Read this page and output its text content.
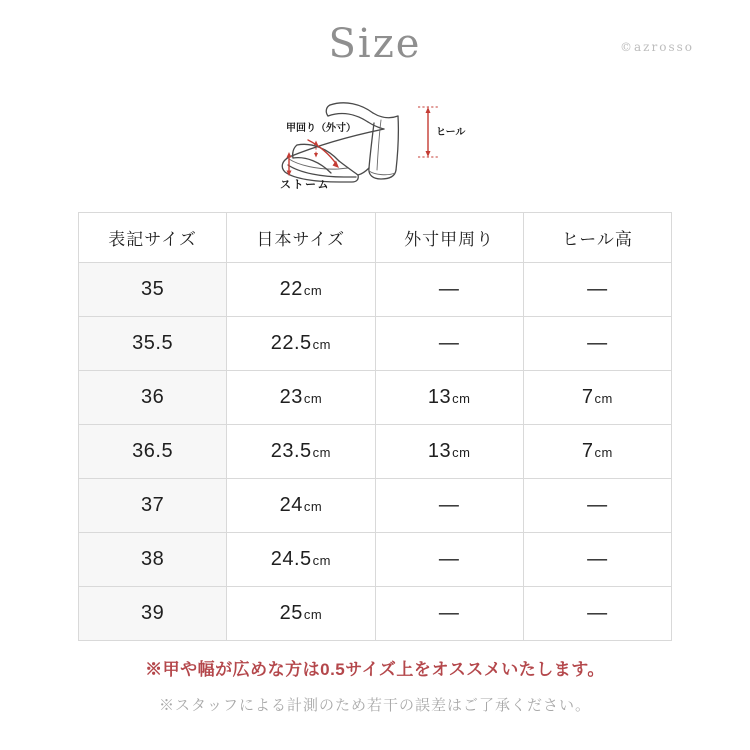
Size	©azrosso
甲回り（外寸）	ヒール
ストーム
表記サイズ	日本サイズ	外寸甲周り	ヒール高
35	22cm	—	—
35.5	22.5cm	—	—
36	23cm	13cm	7cm
36.5	23.5cm	13cm	7cm
37	24cm	—	—
38	24.5cm	—	—
39	25cm	—	—
※甲や幅が広めな方は0.5サイズ上をオススメいたします。
※スタッフによる計測のため若干の誤差はご了承ください。
